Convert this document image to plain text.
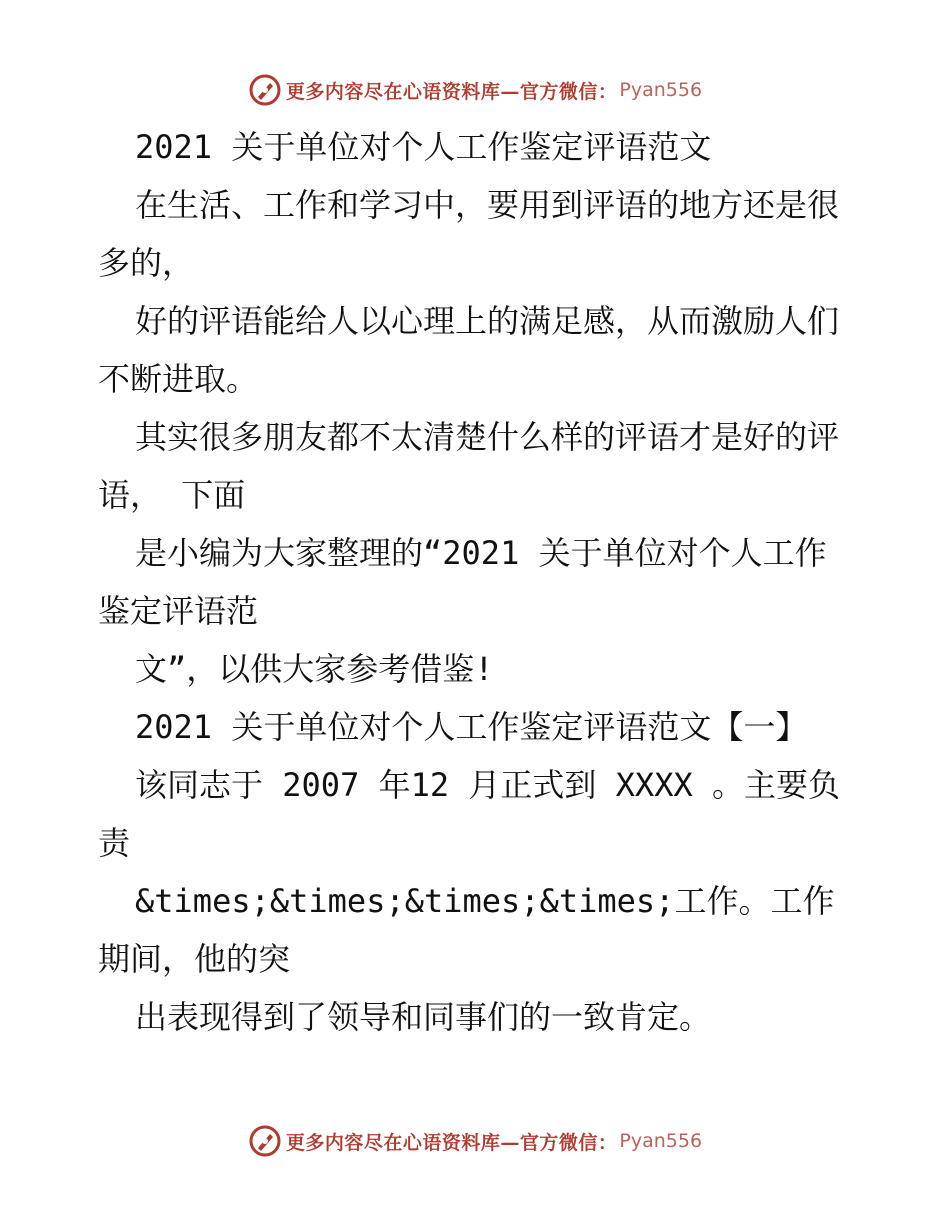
更多内容尽在心语资料库—官方微信： Pyan556

2021 关于单位对个人工作鉴定评语范文

在生活、工作和学习中，要用到评语的地方还是很多的，

好的评语能给人以心理上的满足感，从而激励人们不断进取。

其实很多朋友都不太清楚什么样的评语才是好的评语， 下面

是小编为大家整理的“2021 关于单位对个人工作鉴定评语范

文”，以供大家参考借鉴!

2021 关于单位对个人工作鉴定评语范文【一】

该同志于 2007 年12 月正式到 XXXX 。主要负责

&times;&times;&times;&times;工作。工作期间，他的突

出表现得到了领导和同事们的一致肯定。

更多内容尽在心语资料库—官方微信： Pyan556
